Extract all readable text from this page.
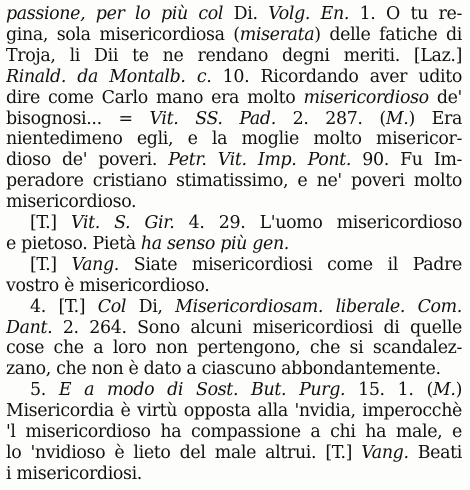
passione, per lo più col Di. Volg. En. 1. O tu re-
gina, sola misericordiosa (miserata) delle fatiche di
Troja, li Dii te ne rendano degni meriti. [Laz.]
Rinald. da Montalb. c. 10. Ricordando aver udito
dire come Carlo mano era molto misericordioso de'
bisognosi... = Vit. SS. Pad. 2. 287. (M.) Era
nientedimeno egli, e la moglie molto misericor-
dioso de' poveri. Petr. Vit. Imp. Pont. 90. Fu Im-
peradore cristiano stimatissimo, e ne' poveri molto
misericordioso.
[T.] Vit. S. Gir. 4. 29. L'uomo misericordioso
e pietoso. Pietà ha senso più gen.
[T.] Vang. Siate misericordiosi come il Padre
vostro è misericordioso.
4. [T.] Col Di, Misericordiosam. liberale. Com.
Dant. 2. 264. Sono alcuni misericordiosi di quelle
cose che a loro non pertengono, che si scandalez-
zano, che non è dato a ciascuno abbondantemente.
5. E a modo di Sost. But. Purg. 15. 1. (M.)
Misericordia è virtù opposta alla 'nvidia, imperocchè
'l misericordioso ha compassione a chi ha male, e
lo 'nvidioso è lieto del male altrui. [T.] Vang. Beati
i misericordiosi.
